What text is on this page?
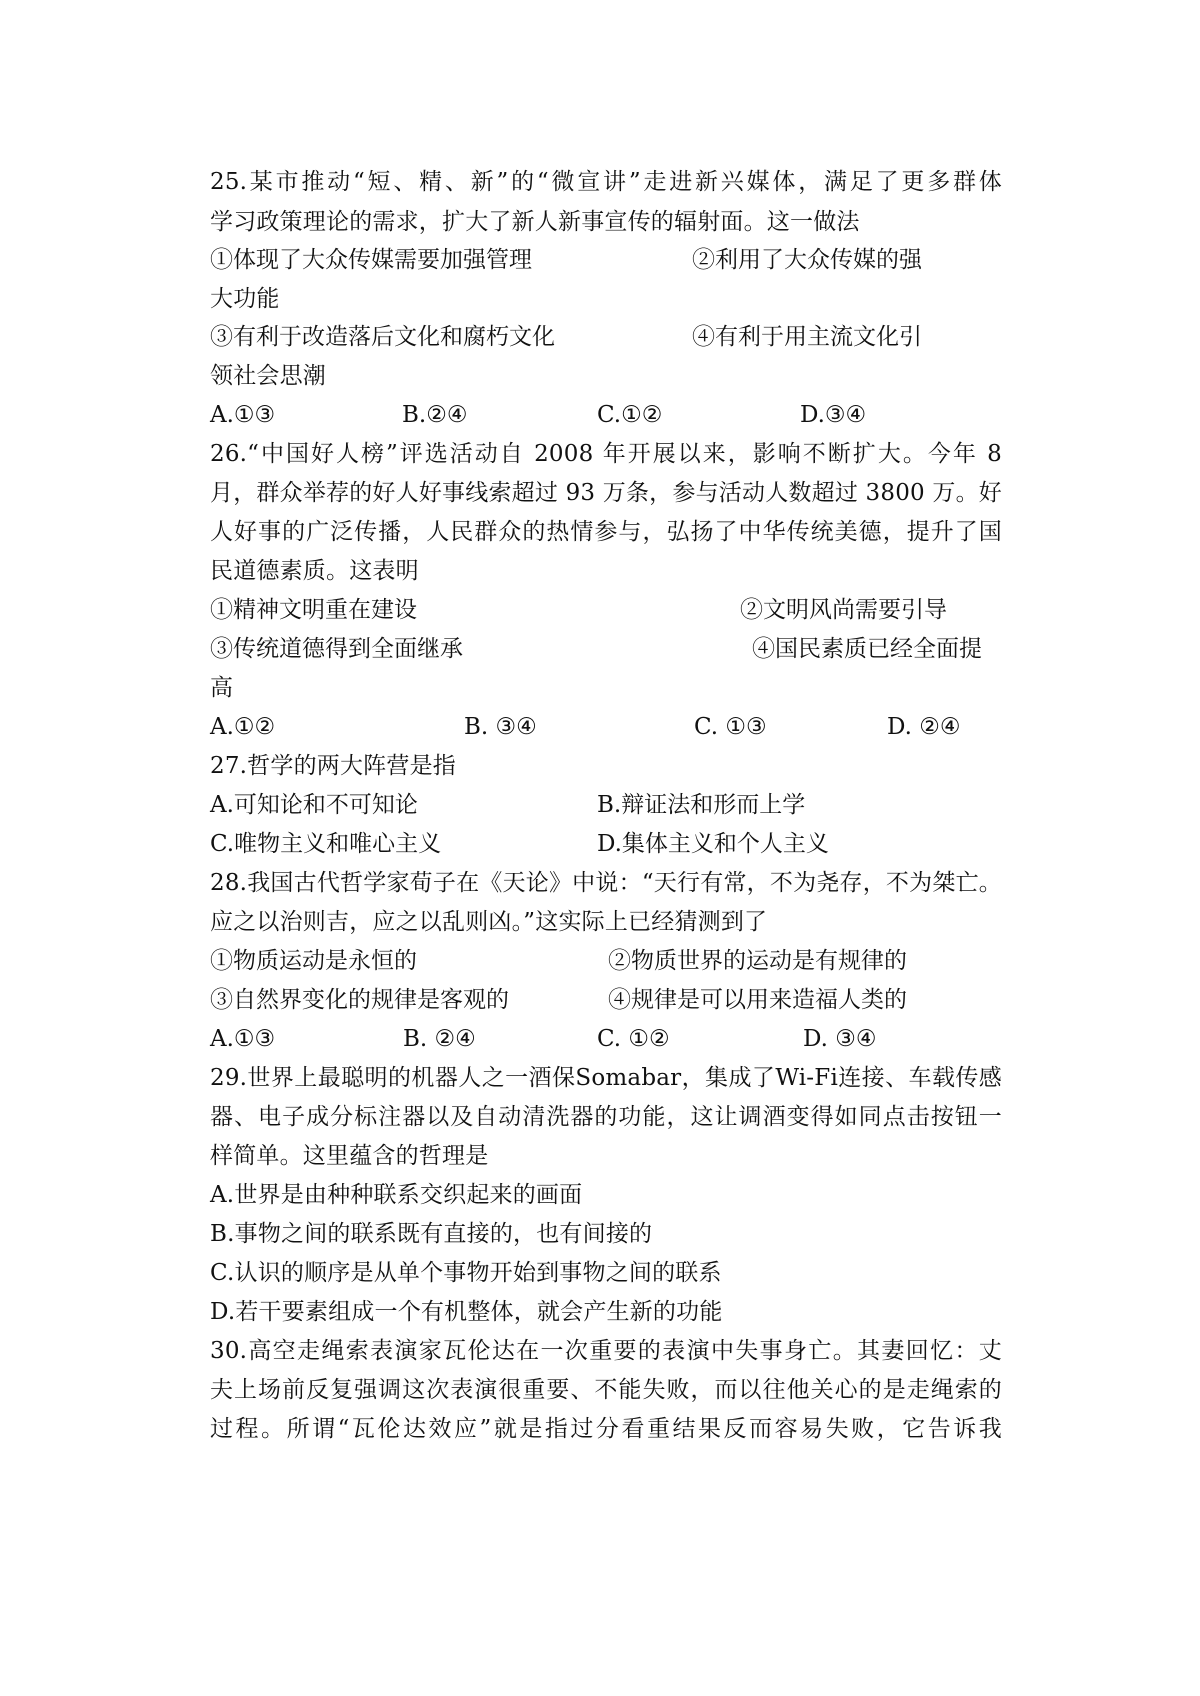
25.某市推动“短、精、新”的“微宣讲”走进新兴媒体，满足了更多群体
学习政策理论的需求，扩大了新人新事宣传的辐射面。这一做法
①体现了大众传媒需要加强管理	②利用了大众传媒的强
大功能
③有利于改造落后文化和腐朽文化	④有利于用主流文化引
领社会思潮
A.①③	B.②④	C.①②	D.③④
26.“中国好人榜”评选活动自 2008 年开展以来，影响不断扩大。今年 8
月，群众举荐的好人好事线索超过 93 万条，参与活动人数超过 3800 万。好
人好事的广泛传播，人民群众的热情参与，弘扬了中华传统美德，提升了国
民道德素质。这表明
①精神文明重在建设	②文明风尚需要引导
③传统道德得到全面继承	④国民素质已经全面提
高
A.①②	B. ③④	C. ①③	D. ②④
27.哲学的两大阵营是指
A.可知论和不可知论	B.辩证法和形而上学
C.唯物主义和唯心主义	D.集体主义和个人主义
28.我国古代哲学家荀子在《天论》中说：“天行有常，不为尧存，不为桀亡。
应之以治则吉，应之以乱则凶。”这实际上已经猜测到了
①物质运动是永恒的	②物质世界的运动是有规律的
③自然界变化的规律是客观的	④规律是可以用来造福人类的
A.①③	B. ②④	C. ①②	D. ③④
29.世界上最聪明的机器人之一酒保Somabar，集成了Wi-Fi连接、车载传感
器、电子成分标注器以及自动清洗器的功能，这让调酒变得如同点击按钮一
样简单。这里蕴含的哲理是
A.世界是由种种联系交织起来的画面
B.事物之间的联系既有直接的，也有间接的
C.认识的顺序是从单个事物开始到事物之间的联系
D.若干要素组成一个有机整体，就会产生新的功能
30.高空走绳索表演家瓦伦达在一次重要的表演中失事身亡。其妻回忆：丈
夫上场前反复强调这次表演很重要、不能失败，而以往他关心的是走绳索的
过程。所谓“瓦伦达效应”就是指过分看重结果反而容易失败，它告诉我
